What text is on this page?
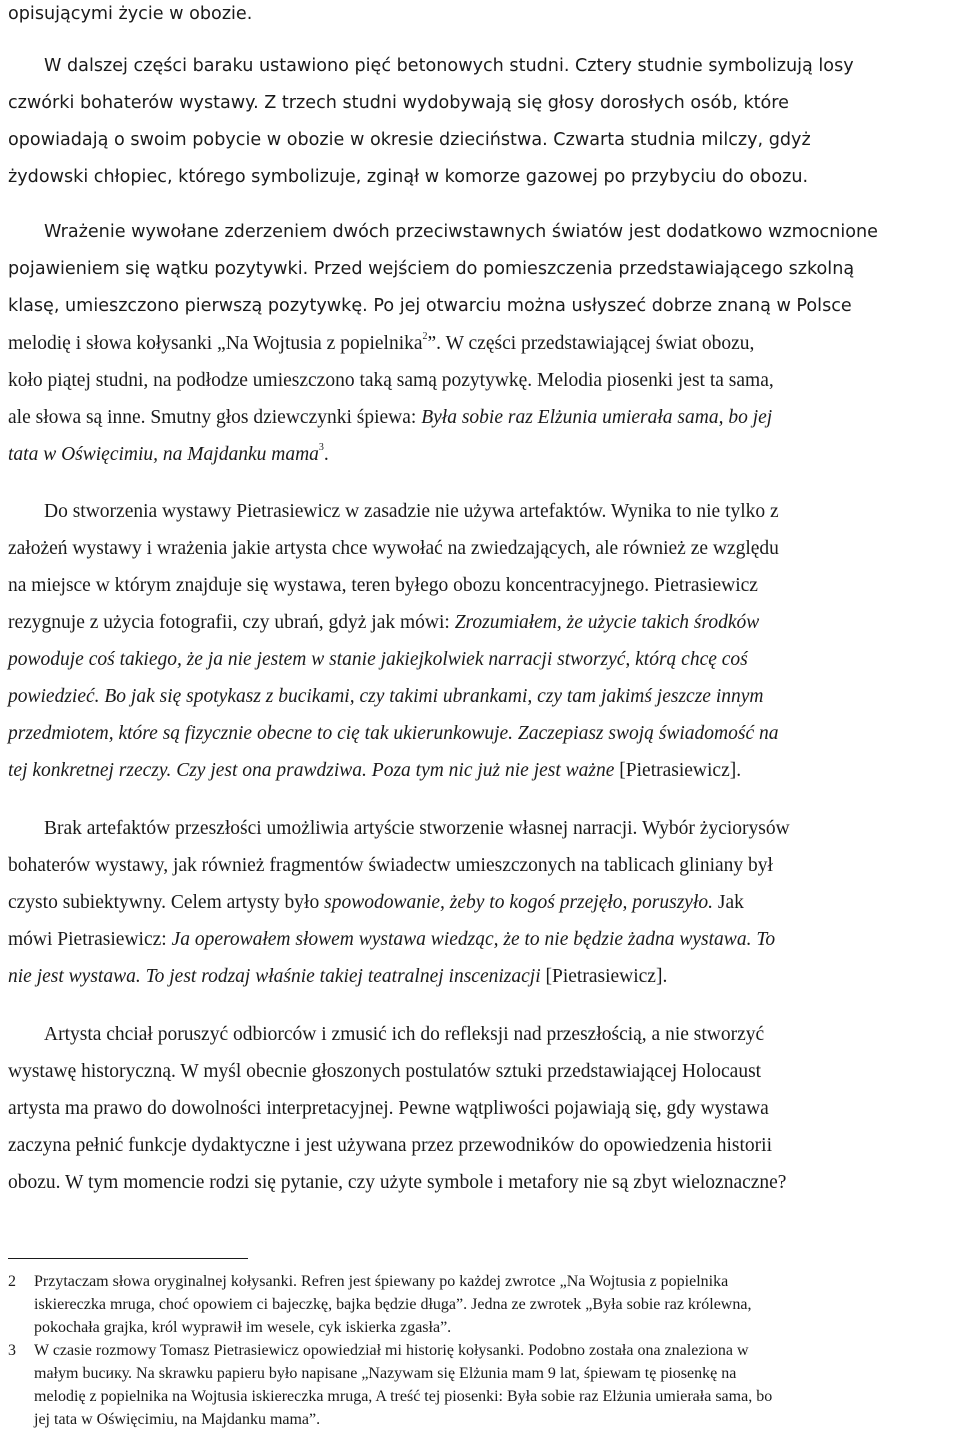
opisującymi życie w obozie.
W dalszej części baraku ustawiono pięć betonowych studni. Cztery studnie symbolizują losy
czwórki bohaterów wystawy. Z trzech studni wydobywają się głosy dorosłych osób, które
opowiadają o swoim pobycie w obozie w okresie dzieciństwa. Czwarta studnia milczy, gdyż
żydowski chłopiec, którego symbolizuje, zginął w komorze gazowej po przybyciu do obozu.
Wrażenie wywołane zderzeniem dwóch przeciwstawnych światów jest dodatkowo wzmocnione
pojawieniem się wątku pozytywki. Przed wejściem do pomieszczenia przedstawiającego szkolną
klasę, umieszczono pierwszą pozytywkę. Po jej otwarciu można usłyszeć dobrze znaną w Polsce
melodię i słowa kołysanki „Na Wojtusia z popielnika$^2$”. W części przedstawiającej świat obozu,
koło piątej studni, na podłodze umieszczono taką samą pozytywkę. Melodia piosenki jest ta sama,
ale słowa są inne. Smutny głos dziewczynki śpiewa: Była sobie raz Elżunia umierała sama, bo jej
tata w Oświęcimiu, na Majdanku mama$^3$.
Do stworzenia wystawy Pietrasiewicz w zasadzie nie używa artefaktów. Wynika to nie tylko z
założeń wystawy i wrażenia jakie artysta chce wywołać na zwiedzających, ale również ze względu
na miejsce w którym znajduje się wystawa, teren byłego obozu koncentracyjnego. Pietrasiewicz
rezygnuje z użycia fotografii, czy ubrań, gdyż jak mówi: Zrozumiałem, że użycie takich środków
powoduje coś takiego, że ja nie jestem w stanie jakiejkolwiek narracji stworzyć, którą chcę coś
powiedzieć. Bo jak się spotykasz z bucikami, czy takimi ubrankami, czy tam jakimś jeszcze innym
przedmiotem, które są fizycznie obecne to cię tak ukierunkowuje. Zaczepiasz swoją świadomość na
tej konkretnej rzeczy. Czy jest ona prawdziwa. Poza tym nic już nie jest ważne [Pietrasiewicz].
Brak artefaktów przeszłości umożliwia artyście stworzenie własnej narracji. Wybór życiorysów
bohaterów wystawy, jak również fragmentów świadectw umieszczonych na tablicach gliniany był
czysto subiektywny. Celem artysty było spowodowanie, żeby to kogoś przejęło, poruszyło. Jak
mówi Pietrasiewicz: Ja operowałem słowem wystawa wiedząc, że to nie będzie żadna wystawa. To
nie jest wystawa. To jest rodzaj właśnie takiej teatralnej inscenizacji [Pietrasiewicz].
Artysta chciał poruszyć odbiorców i zmusić ich do refleksji nad przeszłością, a nie stworzyć
wystawę historyczną. W myśl obecnie głoszonych postulatów sztuki przedstawiającej Holocaust
artysta ma prawo do dowolności interpretacyjnej. Pewne wątpliwości pojawiają się, gdy wystawa
zaczyna pełnić funkcje dydaktyczne i jest używana przez przewodników do opowiedzenia historii
obozu. W tym momencie rodzi się pytanie, czy użyte symbole i metafory nie są zbyt wieloznaczne?
2 Przytaczam słowa oryginalnej kołysanki. Refren jest śpiewany po każdej zwrotce „Na Wojtusia z popielnika
iskiereczka mruga, choć opowiem ci bajeczkę, bajka będzie długa”. Jedna ze zwrotek „Była sobie raz królewna,
pokochała grajka, król wyprawił im wesele, cyk iskierka zgasła”.
3 W czasie rozmowy Tomasz Pietrasiewicz opowiedział mi historię kołysanki. Podobno została ona znaleziona w
małym bucику. Na skrawku papieru było napisane „Nazywam się Elżunia mam 9 lat, śpiewam tę piosenkę na
melodię z popielnika na Wojtusia iskiereczka mruga, A treść tej piosenki: Była sobie raz Elżunia umierała sama, bo
jej tata w Oświęcimiu, na Majdanku mama”.
